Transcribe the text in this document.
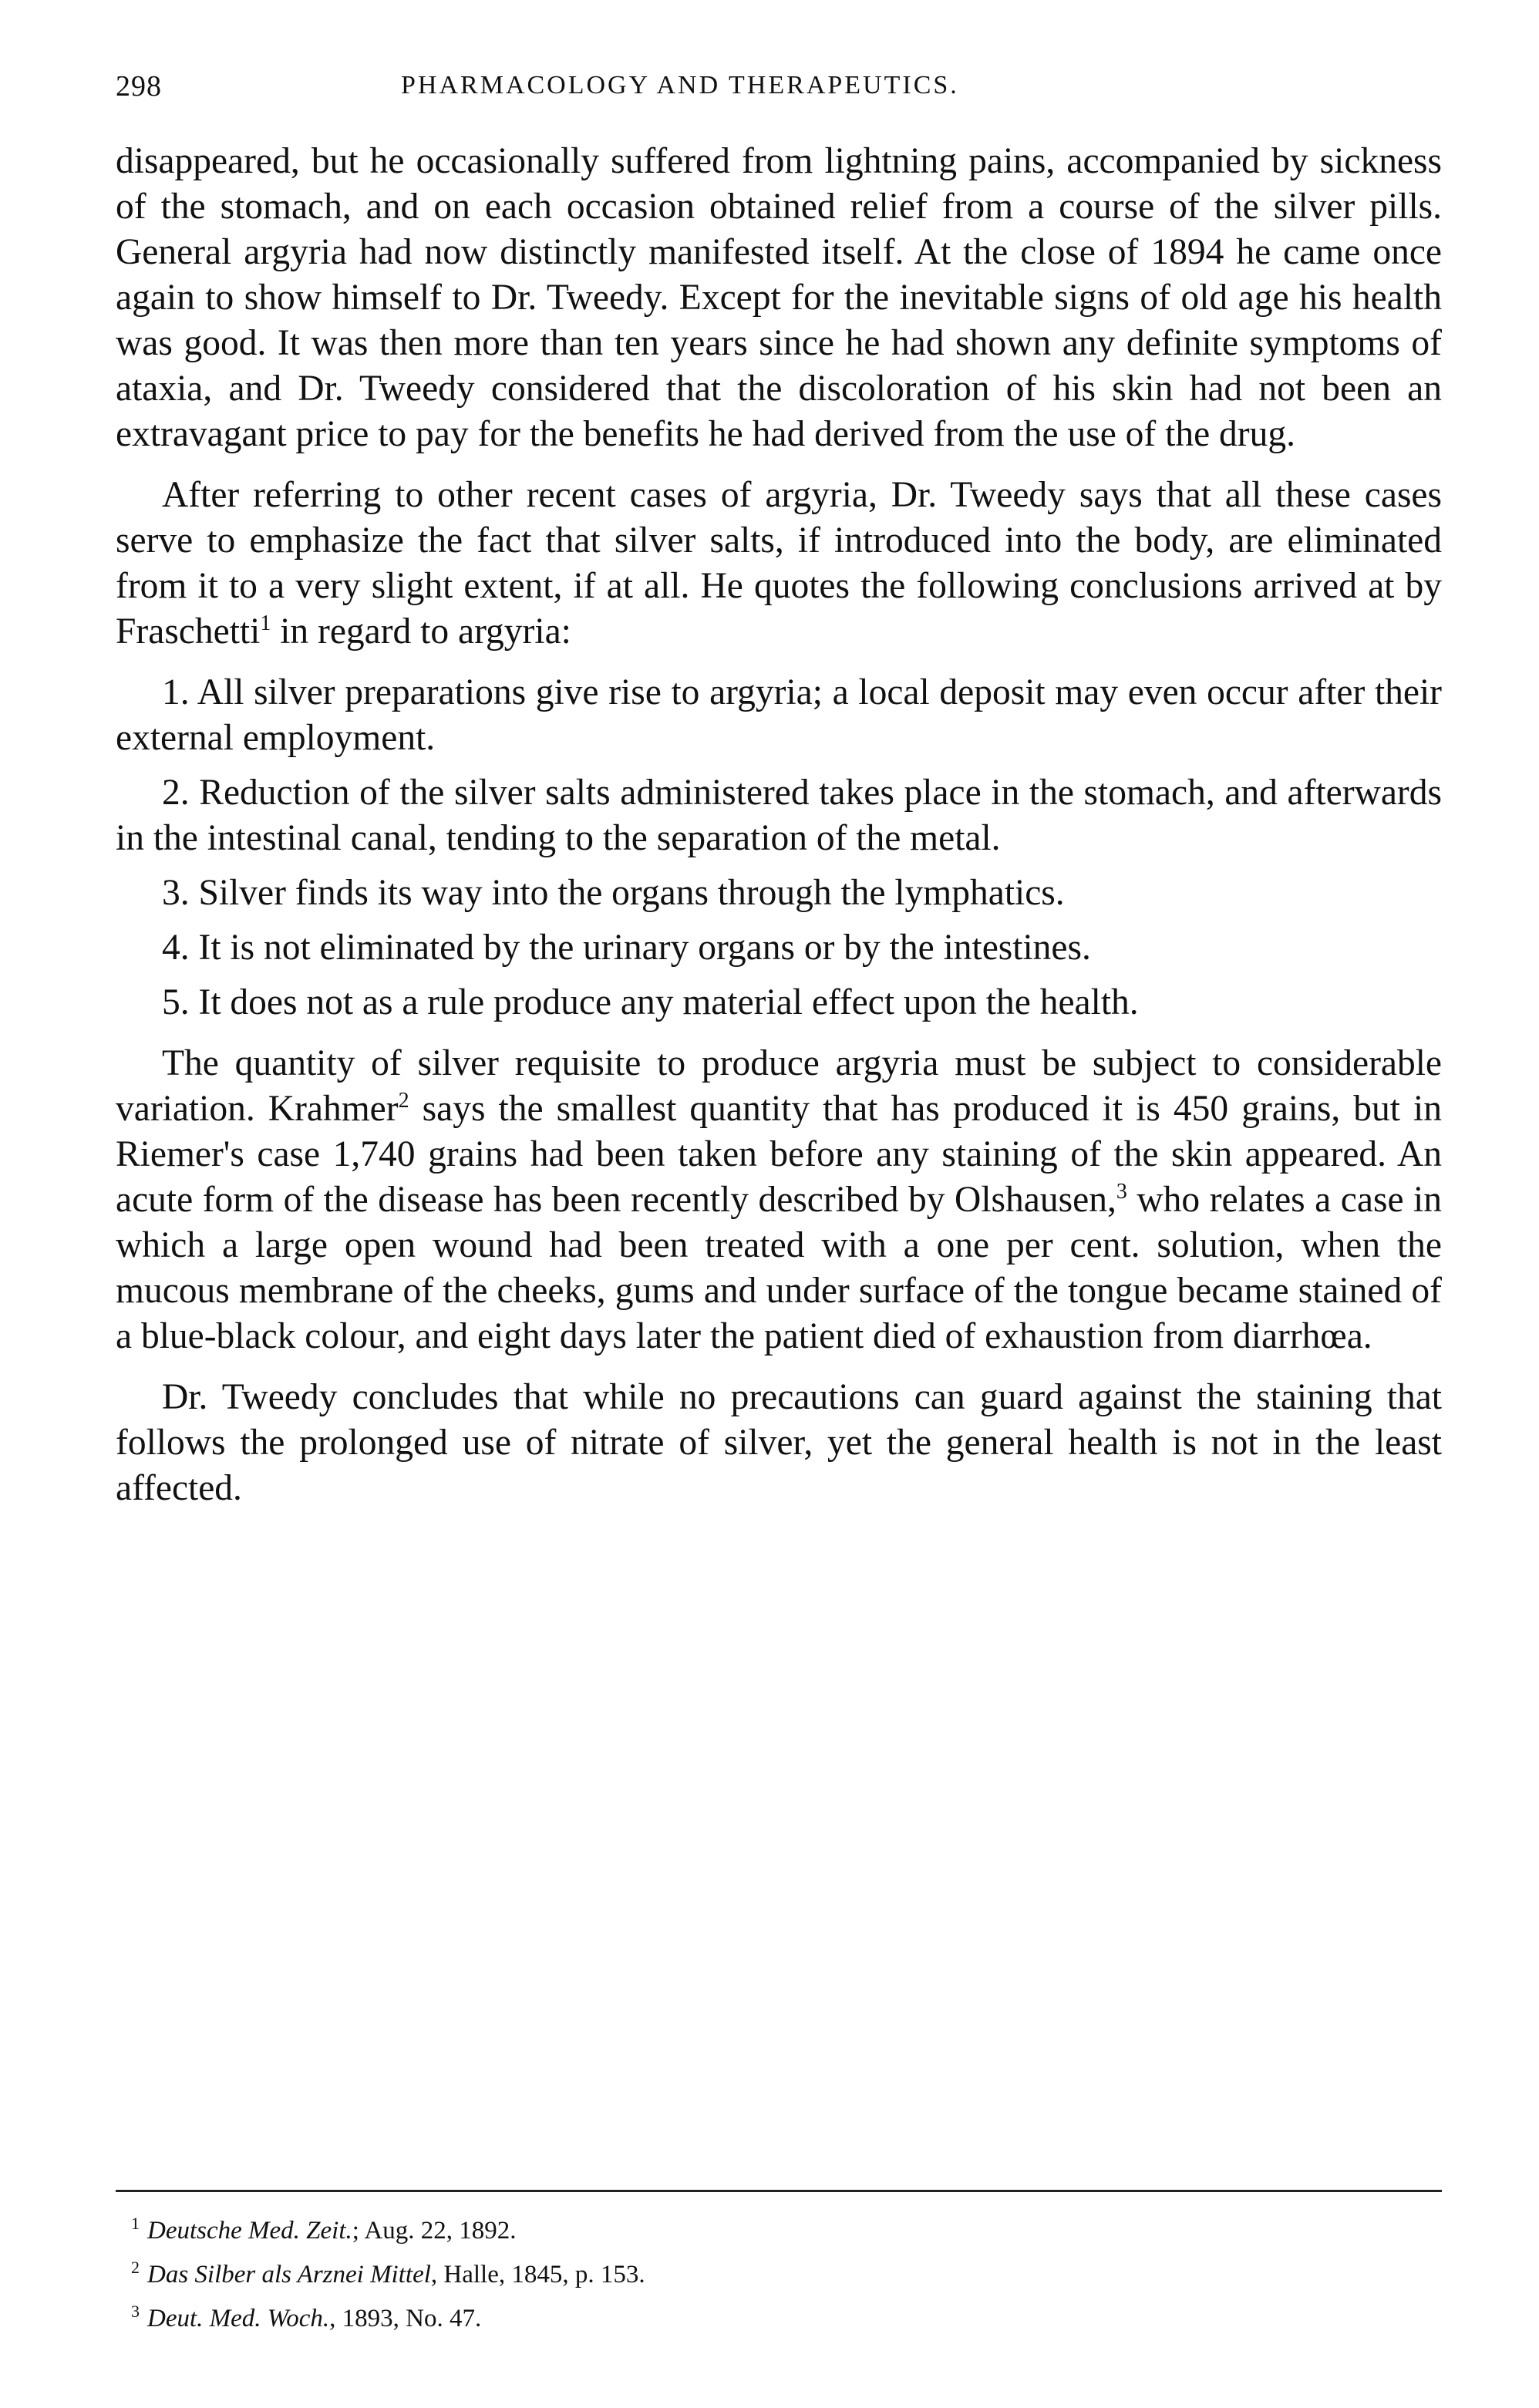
298	PHARMACOLOGY AND THERAPEUTICS.

disappeared, but he occasionally suffered from lightning pains, accompanied by sickness of the stomach, and on each occasion obtained relief from a course of the silver pills. General argyria had now distinctly manifested itself. At the close of 1894 he came once again to show himself to Dr. Tweedy. Except for the inevitable signs of old age his health was good. It was then more than ten years since he had shown any definite symptoms of ataxia, and Dr. Tweedy considered that the discoloration of his skin had not been an extravagant price to pay for the benefits he had derived from the use of the drug.

After referring to other recent cases of argyria, Dr. Tweedy says that all these cases serve to emphasize the fact that silver salts, if introduced into the body, are eliminated from it to a very slight extent, if at all. He quotes the following conclusions arrived at by Fraschetti$^1$ in regard to argyria:

1. All silver preparations give rise to argyria; a local deposit may even occur after their external employment.
2. Reduction of the silver salts administered takes place in the stomach, and afterwards in the intestinal canal, tending to the separation of the metal.
3. Silver finds its way into the organs through the lymphatics.
4. It is not eliminated by the urinary organs or by the intestines.
5. It does not as a rule produce any material effect upon the health.

The quantity of silver requisite to produce argyria must be subject to considerable variation. Krahmer$^2$ says the smallest quantity that has produced it is 450 grains, but in Riemer's case 1,740 grains had been taken before any staining of the skin appeared. An acute form of the disease has been recently described by Olshausen,$^3$ who relates a case in which a large open wound had been treated with a one per cent. solution, when the mucous membrane of the cheeks, gums and under surface of the tongue became stained of a blue-black colour, and eight days later the patient died of exhaustion from diarrhœa.

Dr. Tweedy concludes that while no precautions can guard against the staining that follows the prolonged use of nitrate of silver, yet the general health is not in the least affected.

$^1$ Deutsche Med. Zeit.; Aug. 22, 1892.
$^2$ Das Silber als Arznei Mittel, Halle, 1845, p. 153.
$^3$ Deut. Med. Woch., 1893, No. 47.
